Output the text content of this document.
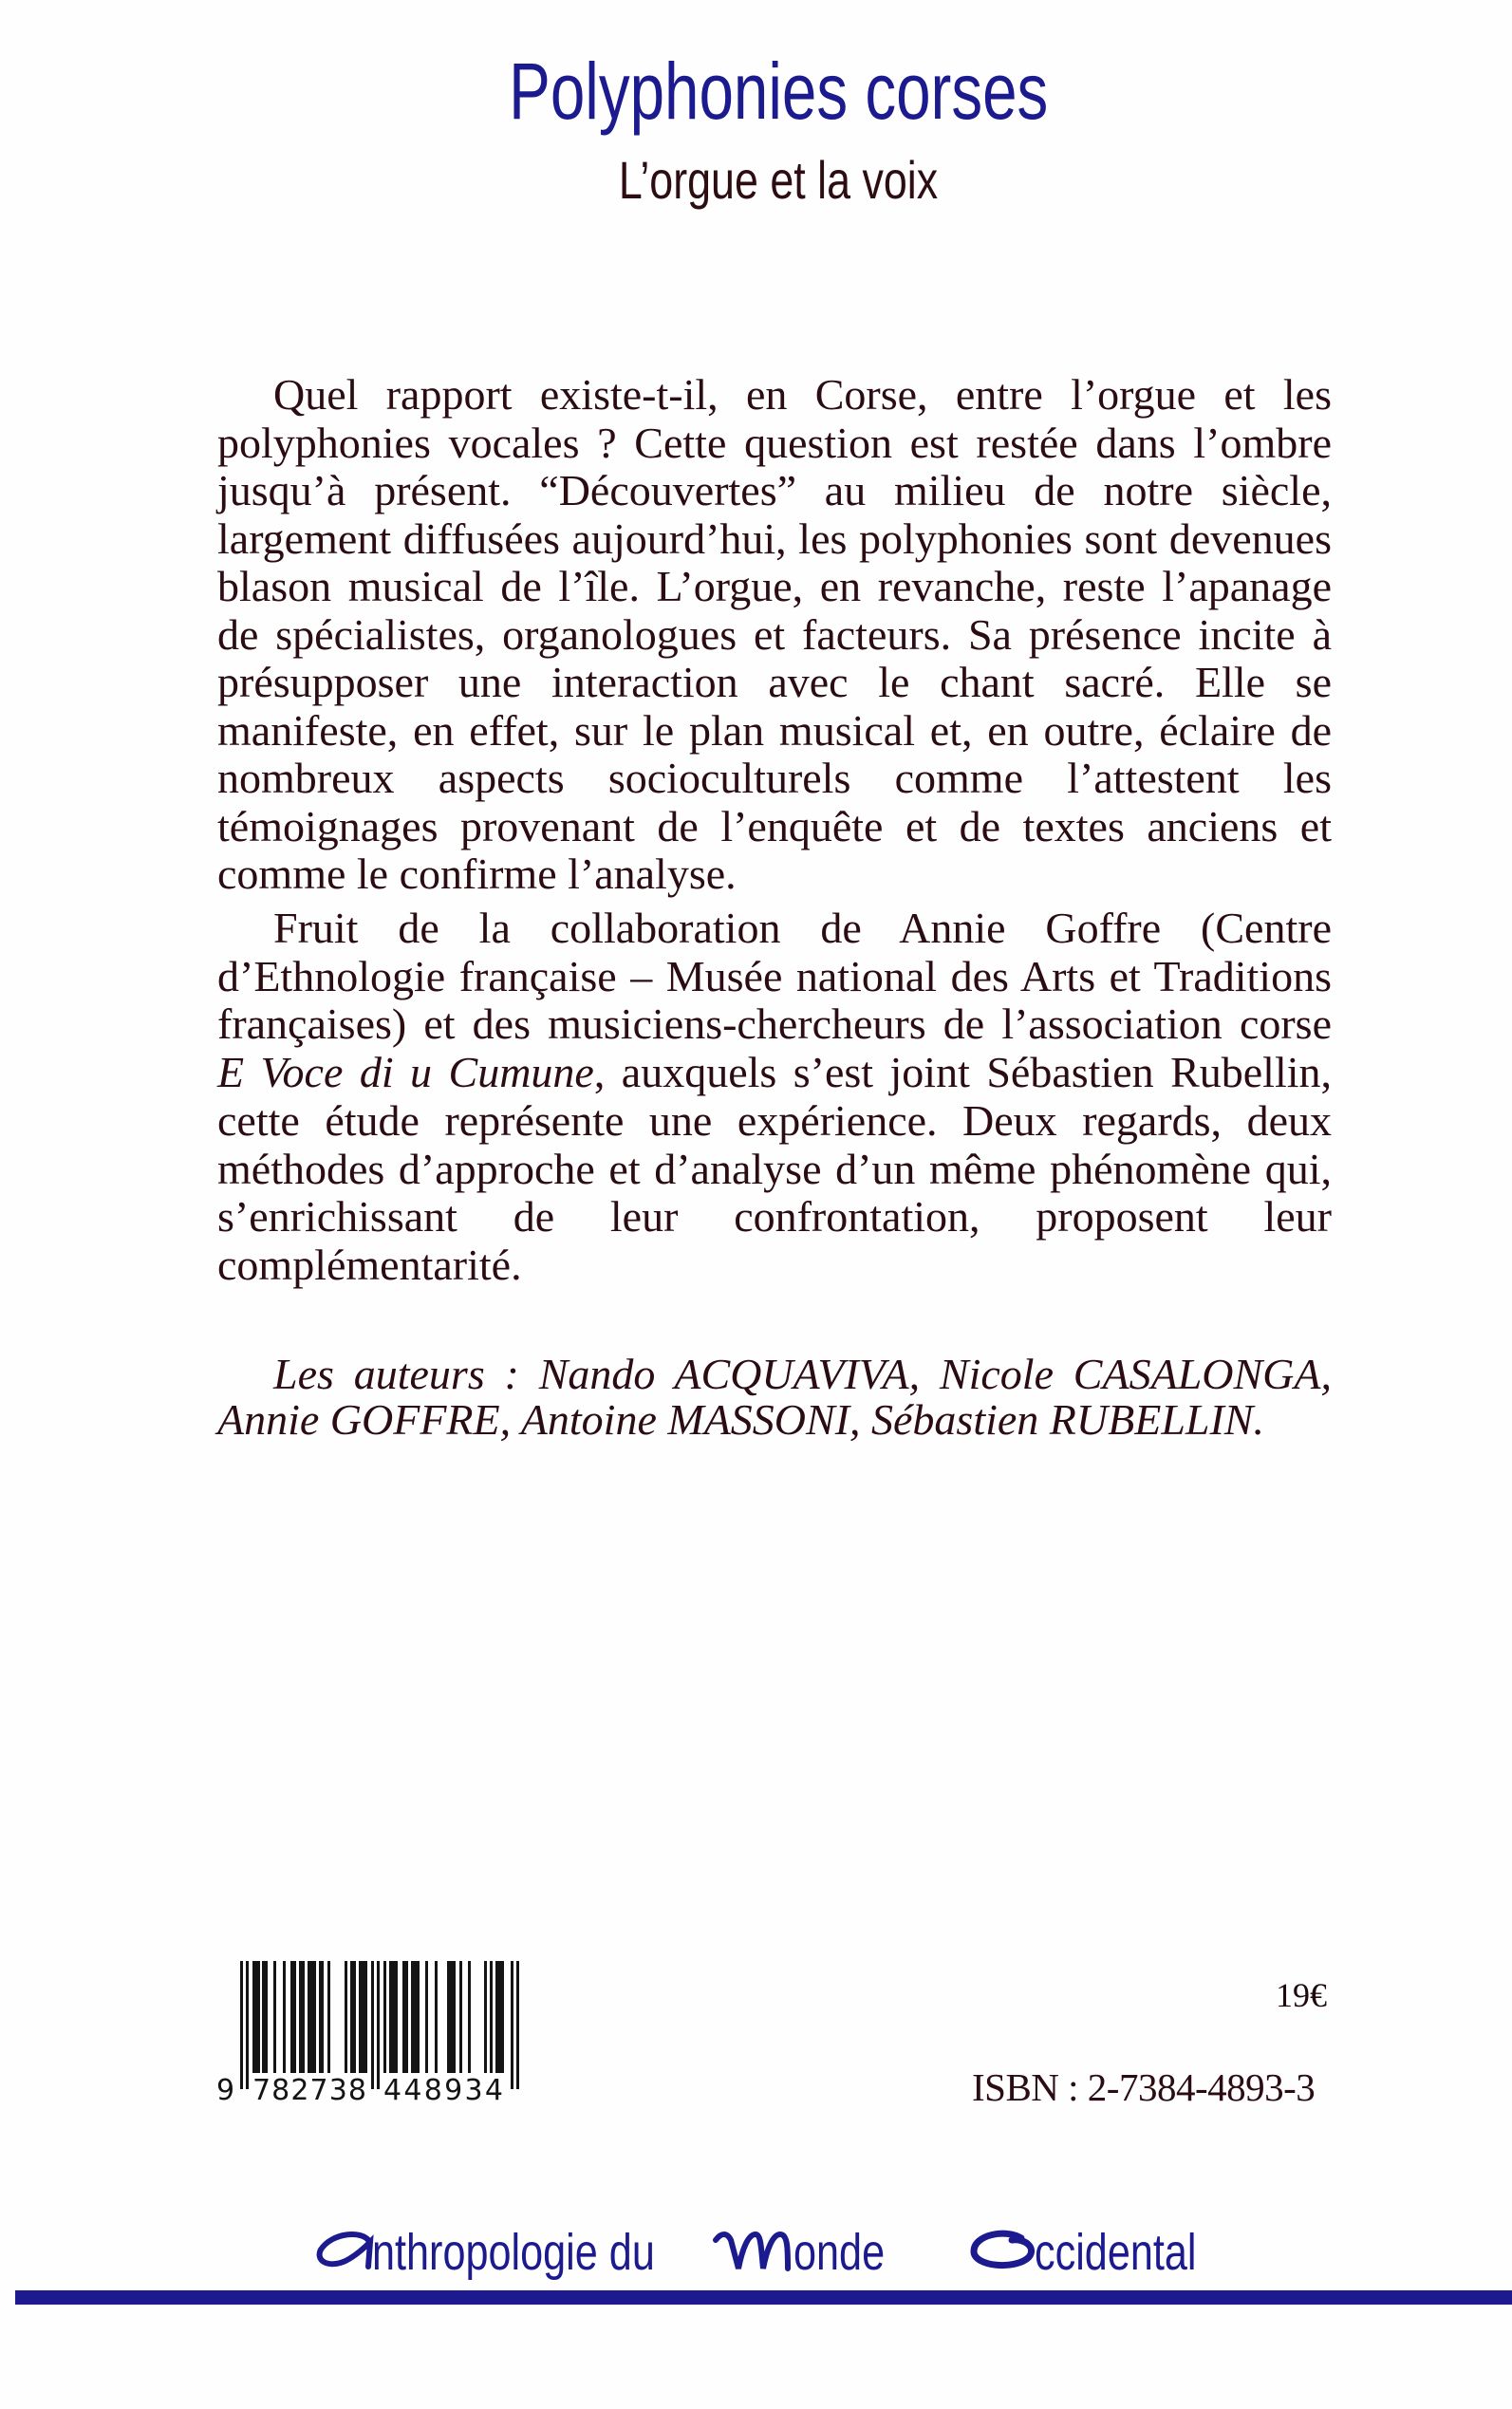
Polyphonies corses
L’orgue et la voix
Quel rapport existe-t-il, en Corse, entre l’orgue et les
polyphonies vocales ? Cette question est restée dans l’ombre
jusqu’à présent. “Découvertes” au milieu de notre siècle,
largement diffusées aujourd’hui, les polyphonies sont devenues
blason musical de l’île. L’orgue, en revanche, reste l’apanage
de spécialistes, organologues et facteurs. Sa présence incite à
présupposer une interaction avec le chant sacré. Elle se
manifeste, en effet, sur le plan musical et, en outre, éclaire de
nombreux aspects socioculturels comme l’attestent les
témoignages provenant de l’enquête et de textes anciens et
comme le confirme l’analyse.
Fruit de la collaboration de Annie Goffre (Centre
d’Ethnologie française – Musée national des Arts et Traditions
françaises) et des musiciens-chercheurs de l’association corse
E Voce di u Cumune, auxquels s’est joint Sébastien Rubellin,
cette étude représente une expérience. Deux regards, deux
méthodes d’approche et d’analyse d’un même phénomène qui,
s’enrichissant de leur confrontation, proposent leur
complémentarité.
Les auteurs : Nando ACQUAVIVA, Nicole CASALONGA,
Annie GOFFRE, Antoine MASSONI, Sébastien RUBELLIN.
9 782738 448934
19€
ISBN : 2-7384-4893-3
nthropologie du	onde	ccidental
